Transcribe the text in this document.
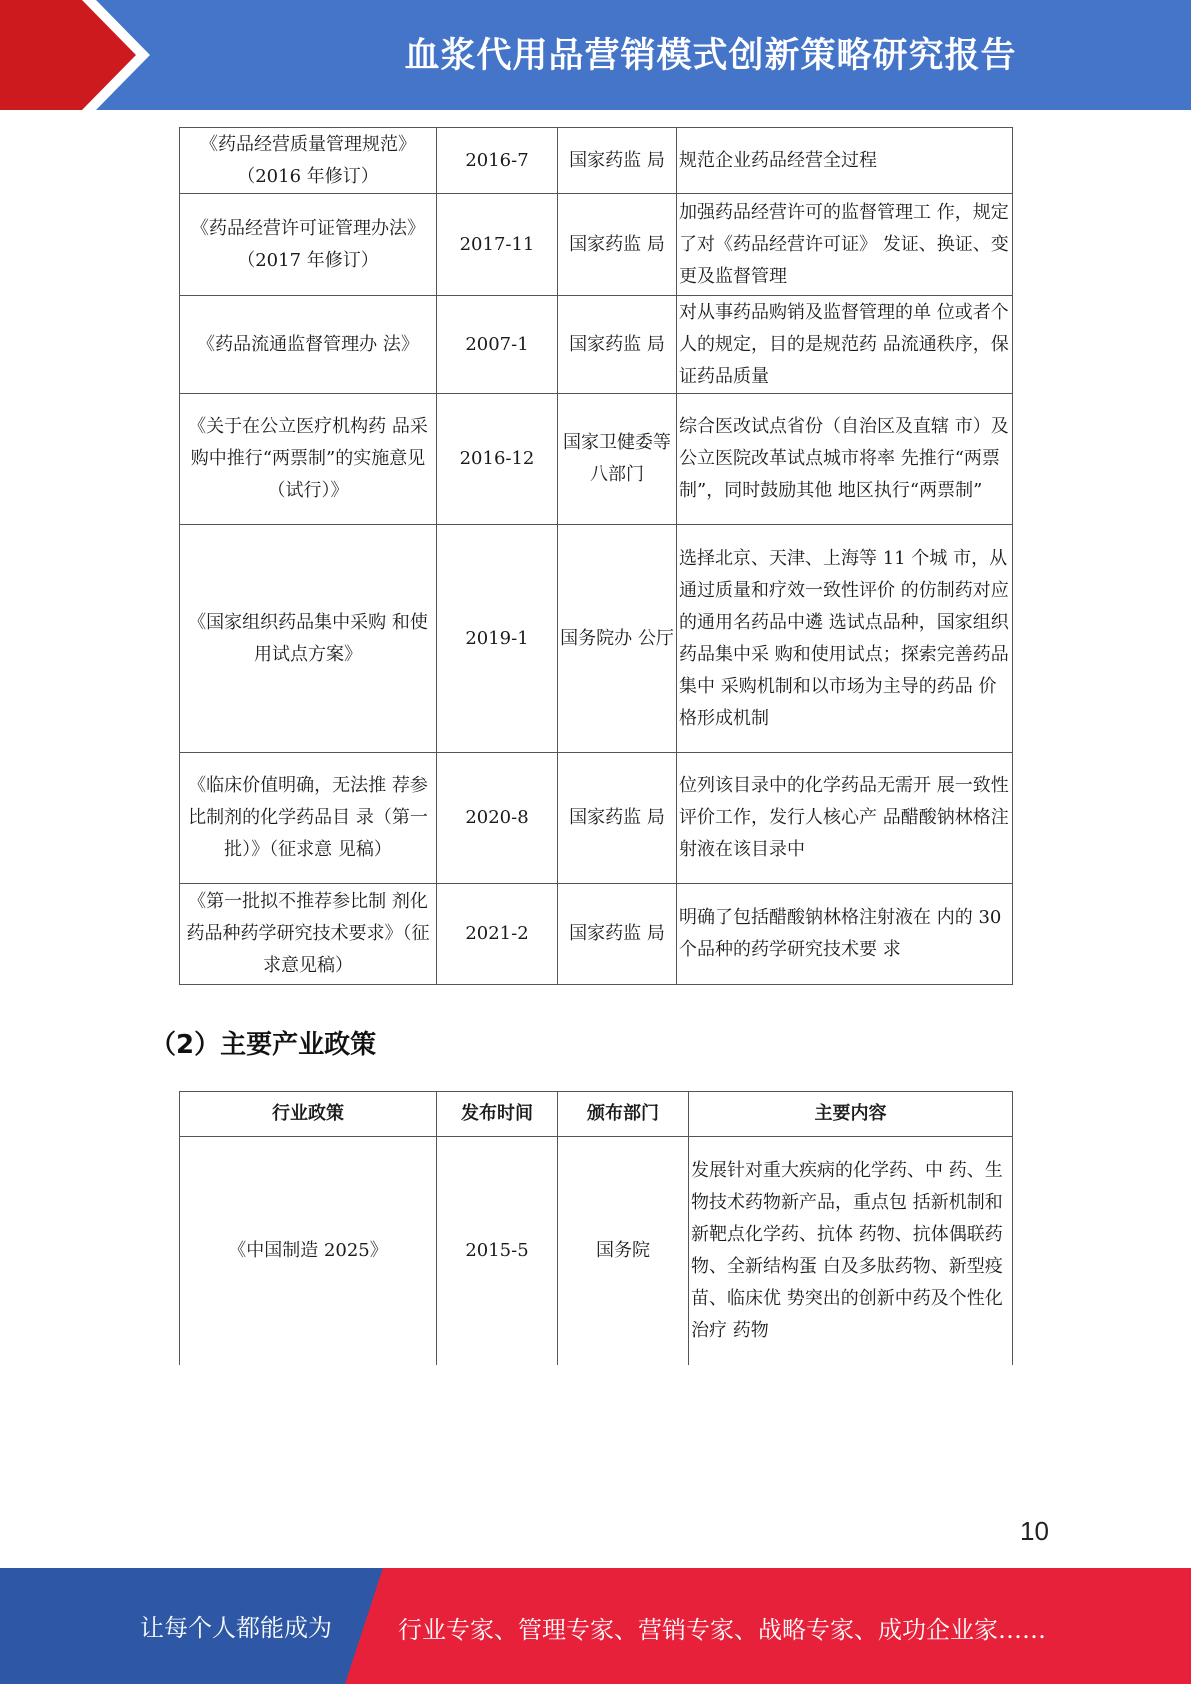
血浆代用品营销模式创新策略研究报告
《药品经营质量管理规范》（2016 年修订）	2016-7	国家药监 局	规范企业药品经营全过程
《药品经营许可证管理办法》（2017 年修订）	2017-11	国家药监 局	加强药品经营许可的监督管理工 作，规定了对《药品经营许可证》 发证、换证、变更及监督管理
《药品流通监督管理办 法》	2007-1	国家药监 局	对从事药品购销及监督管理的单 位或者个人的规定，目的是规范药 品流通秩序，保证药品质量
《关于在公立医疗机构药 品采购中推行“两票制”的实施意见（试行）》	2016-12	国家卫健委等八部门	综合医改试点省份（自治区及直辖 市）及公立医院改革试点城市将率 先推行“两票制”，同时鼓励其他 地区执行“两票制”
《国家组织药品集中采购 和使用试点方案》	2019-1	国务院办 公厅	选择北京、天津、上海等 11 个城 市，从通过质量和疗效一致性评价 的仿制药对应的通用名药品中遴 选试点品种，国家组织药品集中采 购和使用试点；探索完善药品集中 采购机制和以市场为主导的药品 价格形成机制
《临床价值明确，无法推 荐参比制剂的化学药品目 录（第一批）》（征求意 见稿）	2020-8	国家药监 局	位列该目录中的化学药品无需开 展一致性评价工作，发行人核心产 品醋酸钠林格注射液在该目录中
《第一批拟不推荐参比制 剂化药品种药学研究技术要求》（征求意见稿）	2021-2	国家药监 局	明确了包括醋酸钠林格注射液在 内的 30 个品种的药学研究技术要 求
（2）主要产业政策
行业政策	发布时间	颁布部门	主要内容
《中国制造 2025》	2015-5	国务院	发展针对重大疾病的化学药、中 药、生物技术药物新产品，重点包 括新机制和新靶点化学药、抗体 药物、抗体偶联药物、全新结构蛋 白及多肽药物、新型疫苗、临床优 势突出的创新中药及个性化治疗 药物
10
让每个人都能成为	行业专家、管理专家、营销专家、战略专家、成功企业家……
